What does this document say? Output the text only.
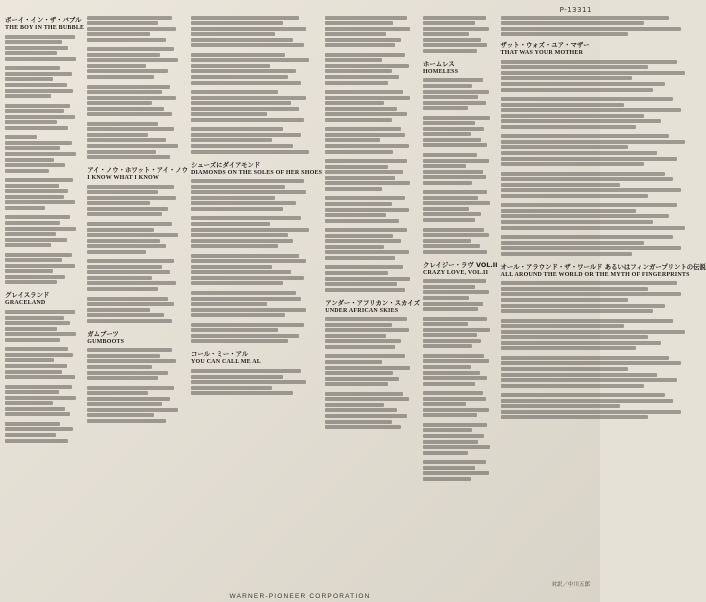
P-13311
ボーイ・イン・ザ・バブル
THE BOY IN THE BUBBLE
グレイスランド
GRACELAND
アイ・ノウ・ホワット・アイ・ノウ
I KNOW WHAT I KNOW
ガムブーツ
GUMBOOTS
シューズにダイアモンド
DIAMONDS ON THE SOLES OF HER SHOES
コール・ミー・アル
YOU CAN CALL ME AL
アンダー・アフリカン・スカイズ
UNDER AFRICAN SKIES
ホームレス
HOMELESS
クレイジー・ラヴ VOL.II
CRAZY LOVE, VOL.II
ザット・ウォズ・ユア・マザー
THAT WAS YOUR MOTHER
オール・アラウンド・ザ・ワールド あるいはフィンガープリントの伝説
ALL AROUND THE WORLD OR THE MYTH OF FINGERPRINTS
対訳／中川五郎
WARNER-PIONEER CORPORATION
